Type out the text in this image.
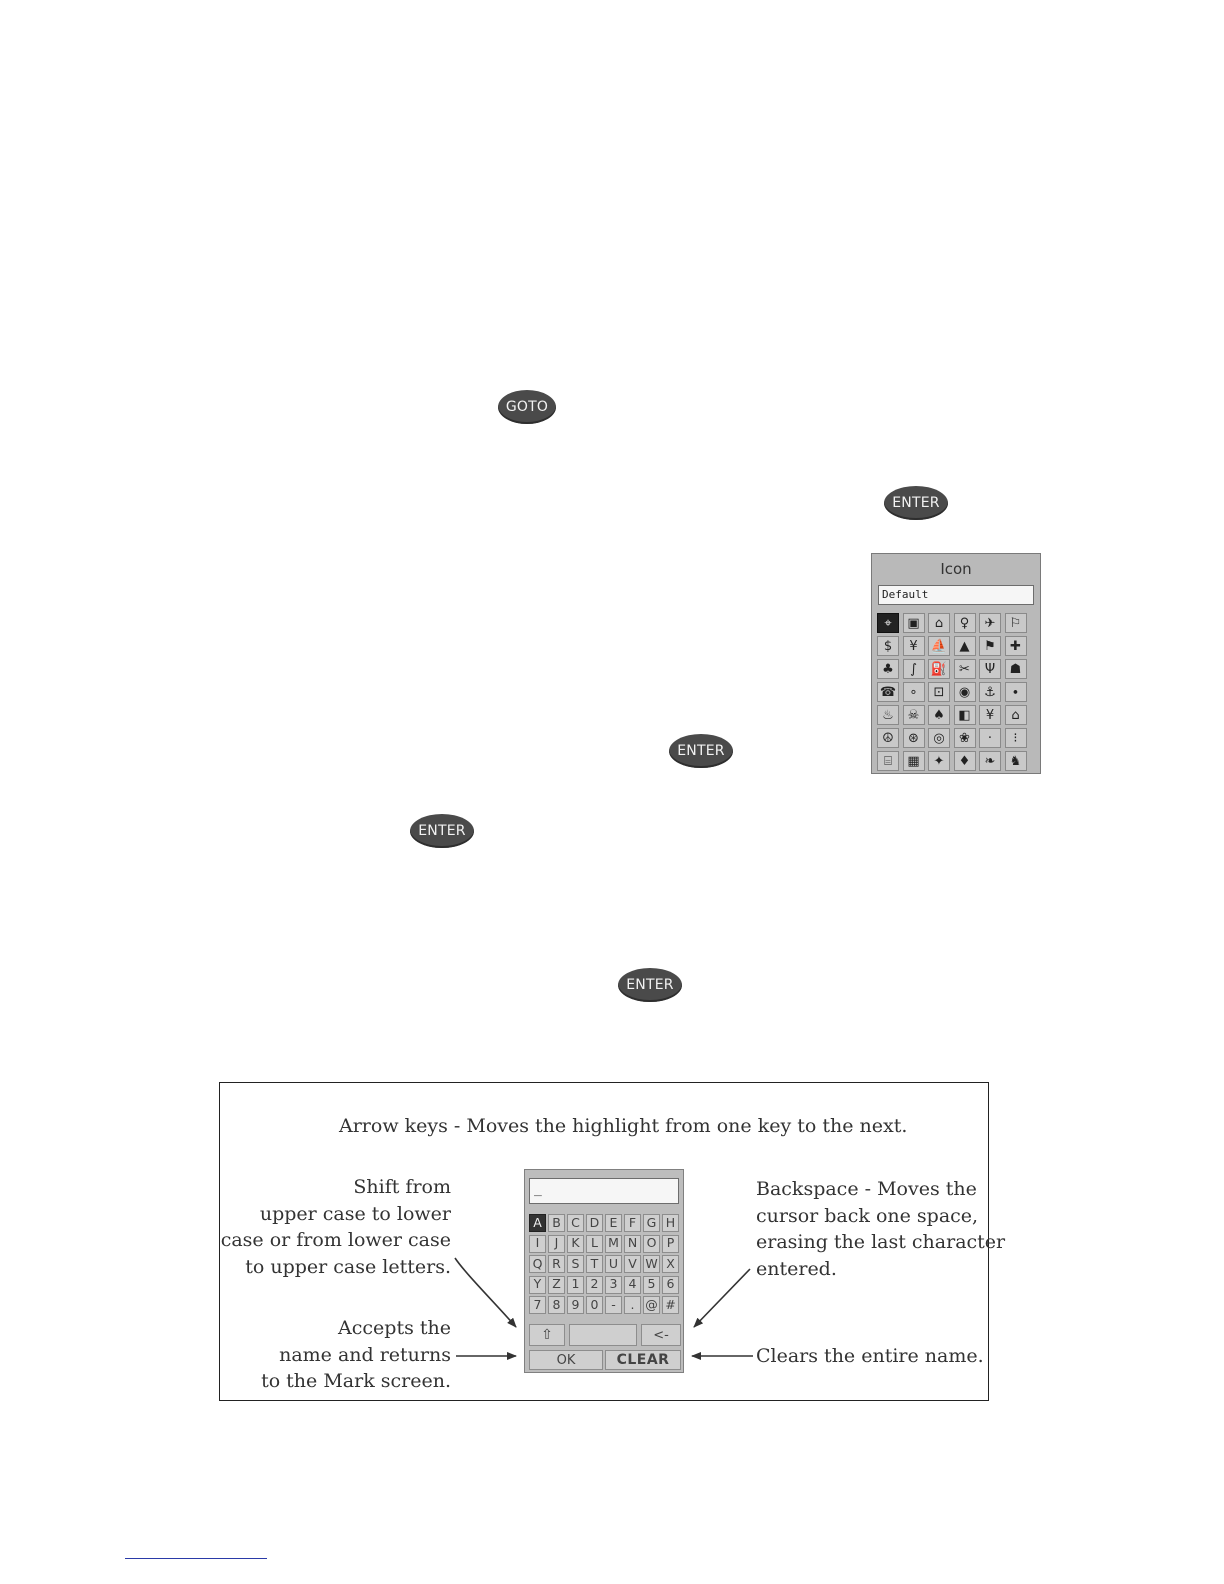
GOTO
ENTER
ENTER
ENTER
ENTER
Icon
Default
⌖	▣	⌂	♀	✈	⚐
$	¥	⛵ ▲	⚑	✚
♣	∫	⛽ ✂	Ψ	☗
☎	∘	⊡	◉	⚓	∙
♨	☠	♠	◧	¥	⌂
☮	⊛	◎	❀	·	⁝
⌸	▦	✦	♦	❧	♞
Arrow keys - Moves the highlight from one key to the next.
Shift from
upper case to lower
case or from lower case
to upper case letters.
Accepts the
name and returns
to the Mark screen.
Backspace - Moves the
cursor back one space,
erasing the last character
entered.
Clears the entire name.
_
A B C D E F G H
I	J	K L M N O P
Q R S T U V W X
Y Z 1 2 3 4 5 6
7 8 9 0	-	. @ #
⇧	<-
OK	CLEAR
